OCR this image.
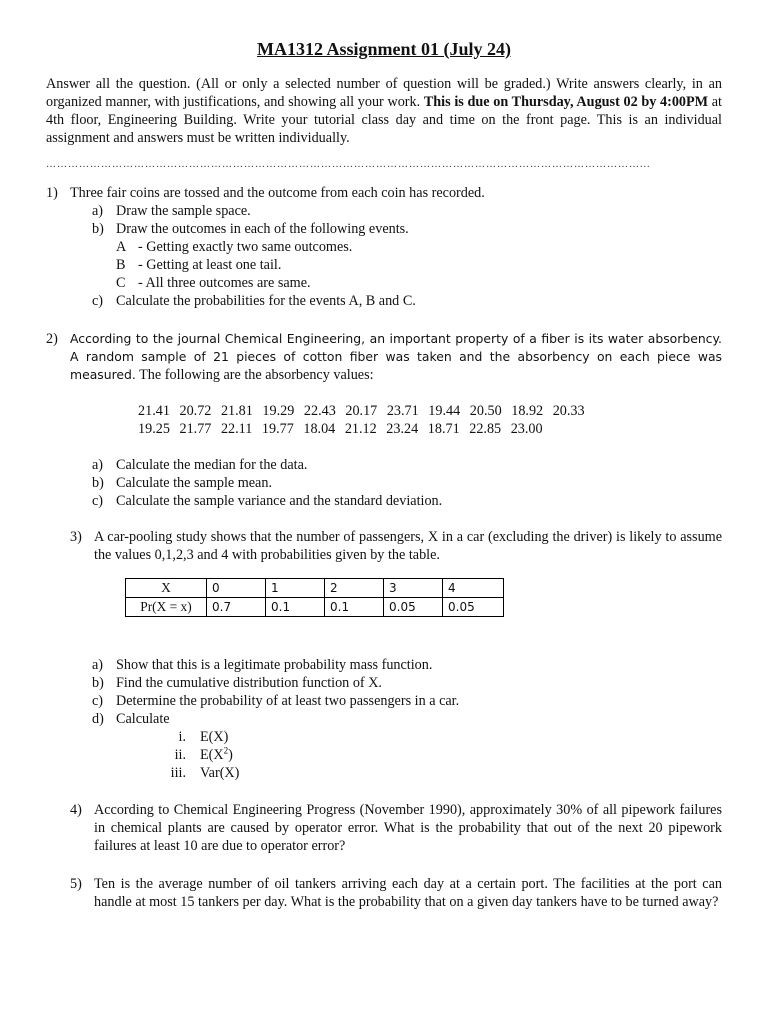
MA1312 Assignment 01 (July 24)
Answer all the question. (All or only a selected number of question will be graded.) Write answers clearly, in an organized manner, with justifications, and showing all your work. This is due on Thursday, August 02 by 4:00PM at 4th floor, Engineering Building. Write your tutorial class day and time on the front page. This is an individual assignment and answers must be written individually.
………………………………………………………………………………………………………………………………………………...
1) Three fair coins are tossed and the outcome from each coin has recorded.
a) Draw the sample space.
b) Draw the outcomes in each of the following events.
A - Getting exactly two same outcomes.
B - Getting at least one tail.
C - All three outcomes are same.
c) Calculate the probabilities for the events A, B and C.
2) According to the journal Chemical Engineering, an important property of a fiber is its water absorbency. A random sample of 21 pieces of cotton fiber was taken and the absorbency on each piece was measured. The following are the absorbency values:
21.41 20.72 21.81 19.29 22.43 20.17 23.71 19.44 20.50 18.92 20.33
19.25 21.77 22.11 19.77 18.04 21.12 23.24 18.71 22.85 23.00
a) Calculate the median for the data.
b) Calculate the sample mean.
c) Calculate the sample variance and the standard deviation.
3) A car-pooling study shows that the number of passengers, X in a car (excluding the driver) is likely to assume the values 0,1,2,3 and 4 with probabilities given by the table.
X	0	1	2	3	4
Pr(X = x)	0.7	0.1	0.1	0.05	0.05
a) Show that this is a legitimate probability mass function.
b) Find the cumulative distribution function of X.
c) Determine the probability of at least two passengers in a car.
d) Calculate
i. E(X)
ii. $E(X^2)$
iii. Var(X)
4) According to Chemical Engineering Progress (November 1990), approximately 30% of all pipework failures in chemical plants are caused by operator error. What is the probability that out of the next 20 pipework failures at least 10 are due to operator error?
5) Ten is the average number of oil tankers arriving each day at a certain port. The facilities at the port can handle at most 15 tankers per day. What is the probability that on a given day tankers have to be turned away?
